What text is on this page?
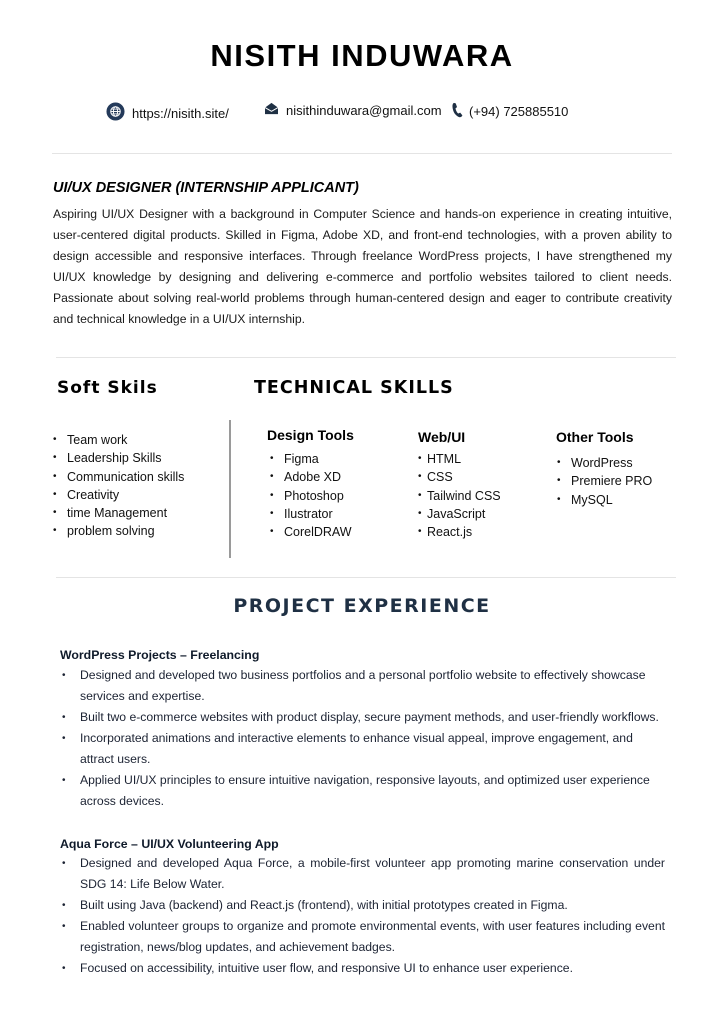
NISITH INDUWARA
https://nisith.site/	nisithinduwara@gmail.com (+94) 725885510
UI/UX DESIGNER (INTERNSHIP APPLICANT)
Aspiring UI/UX Designer with a background in Computer Science and hands-on experience in creating intuitive, user-centered digital products. Skilled in Figma, Adobe XD, and front-end technologies, with a proven ability to design accessible and responsive interfaces. Through freelance WordPress projects, I have strengthened my UI/UX knowledge by designing and delivering e-commerce and portfolio websites tailored to client needs. Passionate about solving real-world problems through human-centered design and eager to contribute creativity and technical knowledge in a UI/UX internship.
Soft Skils	TECHNICAL SKILLS
• Team work
• Leadership Skills
• Communication skills
• Creativity
• time Management
• problem solving
Design Tools
• Figma
• Adobe XD
• Photoshop
• Ilustrator
• CorelDRAW
Web/UI
• HTML
• CSS
• Tailwind CSS
• JavaScript
• React.js
Other Tools
• WordPress
• Premiere PRO
• MySQL
PROJECT EXPERIENCE
WordPress Projects – Freelancing
• Designed and developed two business portfolios and a personal portfolio website to effectively showcase services and expertise.
• Built two e-commerce websites with product display, secure payment methods, and user-friendly workflows.
• Incorporated animations and interactive elements to enhance visual appeal, improve engagement, and attract users.
• Applied UI/UX principles to ensure intuitive navigation, responsive layouts, and optimized user experience across devices.
Aqua Force – UI/UX Volunteering App
• Designed and developed Aqua Force, a mobile-first volunteer app promoting marine conservation under SDG 14: Life Below Water.
• Built using Java (backend) and React.js (frontend), with initial prototypes created in Figma.
• Enabled volunteer groups to organize and promote environmental events, with user features including event registration, news/blog updates, and achievement badges.
• Focused on accessibility, intuitive user flow, and responsive UI to enhance user experience.
